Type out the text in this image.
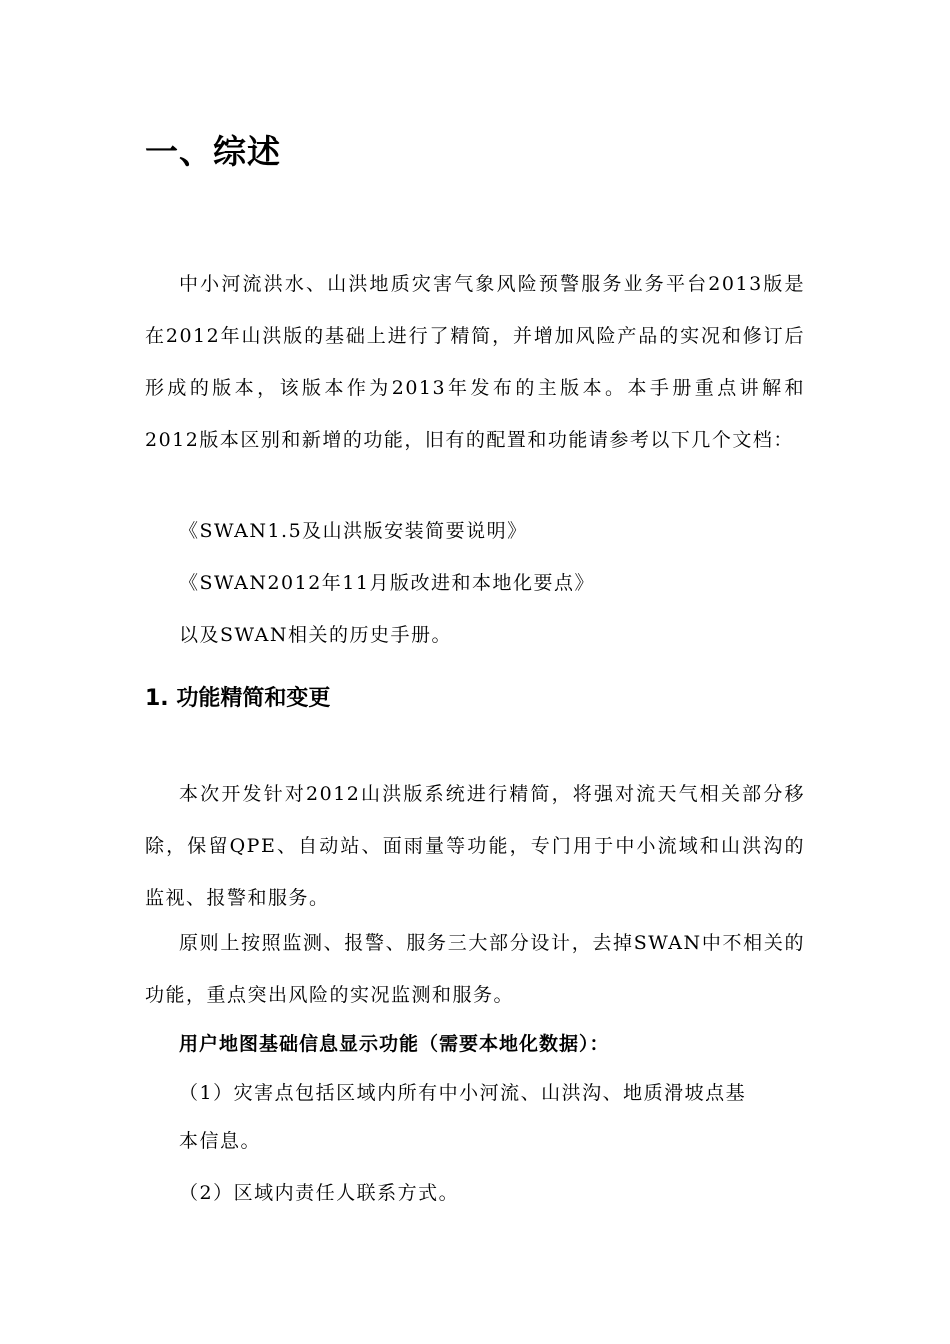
一、综述
中小河流洪水、山洪地质灾害气象风险预警服务业务平台2013版是在2012年山洪版的基础上进行了精简，并增加风险产品的实况和修订后形成的版本，该版本作为2013年发布的主版本。本手册重点讲解和2012版本区别和新增的功能，旧有的配置和功能请参考以下几个文档：
《SWAN1.5及山洪版安装简要说明》
《SWAN2012年11月版改进和本地化要点》
以及SWAN相关的历史手册。
1. 功能精简和变更
本次开发针对2012山洪版系统进行精简，将强对流天气相关部分移除，保留QPE、自动站、面雨量等功能，专门用于中小流域和山洪沟的监视、报警和服务。
原则上按照监测、报警、服务三大部分设计，去掉SWAN中不相关的功能，重点突出风险的实况监测和服务。
用户地图基础信息显示功能（需要本地化数据）：
（1）灾害点包括区域内所有中小河流、山洪沟、地质滑坡点基
本信息。
（2）区域内责任人联系方式。
